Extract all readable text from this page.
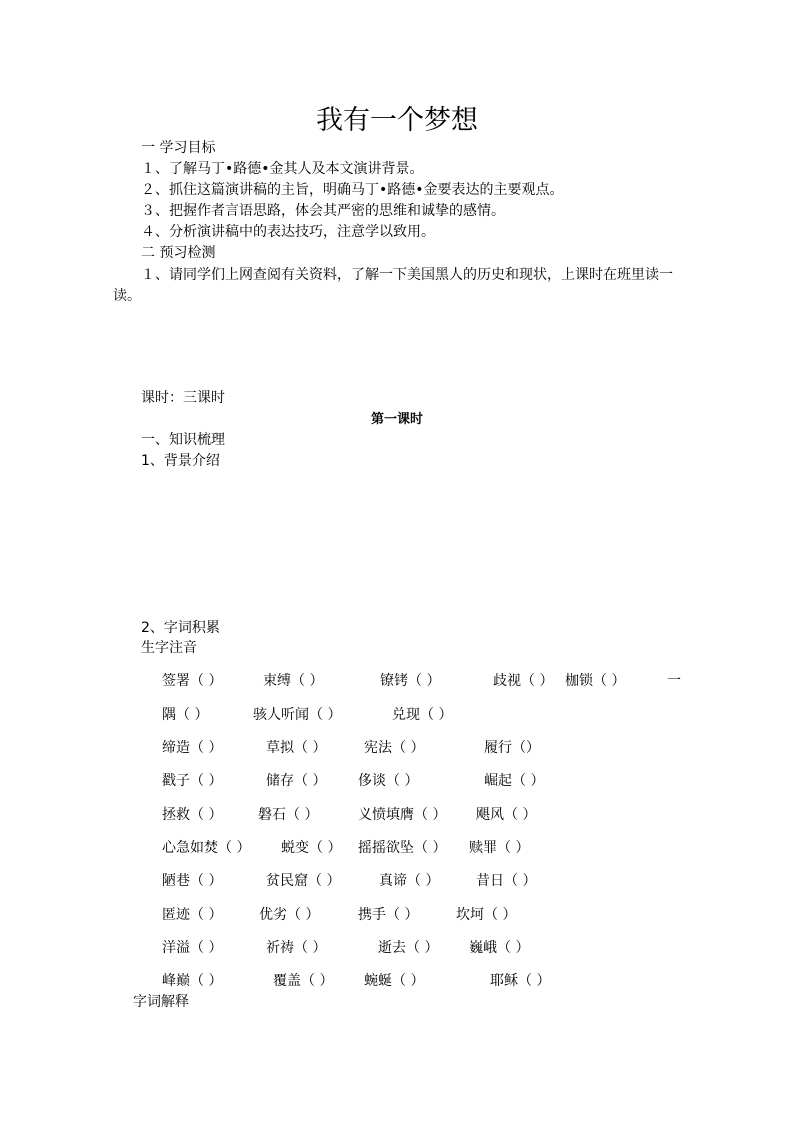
我有一个梦想
一 学习目标
１、了解马丁•路德•金其人及本文演讲背景。
２、抓住这篇演讲稿的主旨，明确马丁•路德•金要表达的主要观点。
３、把握作者言语思路，体会其严密的思维和诚挚的感情。
４、分析演讲稿中的表达技巧，注意学以致用。
二 预习检测
１、请同学们上网查阅有关资料，了解一下美国黑人的历史和现状，上课时在班里读一
读。
课时：三课时
第一课时
一、知识梳理
1、背景介绍
2、字词积累
生字注音
签署（ ）	束缚（ ）	镣铐（ ）	歧视（ ） 枷锁（ ）	一
隅（ ）	骇人听闻（ ）	兑现（ ）
缔造（ ）	草拟（ ）	宪法（ ）	履行（）
戳子（ ）	储存（ ） 侈谈（ ）	崛起（ ）
拯救（ ）	磐石（ ）	义愤填膺（ ） 飓风（ ）
心急如焚（ ） 蜕变（ ） 摇摇欲坠（ ） 赎罪（ ）
陋巷（ ）	贫民窟（ ）	真谛（ ）	昔日（ ）
匿迹（ ）	优劣（ ）	携手（ ）	坎坷（ ）
洋溢（ ）	祈祷（ ）	逝去（ ） 巍峨（ ）
峰巅（ ）	覆盖（ ） 蜿蜒（ ）	耶稣（ ）
字词解释
